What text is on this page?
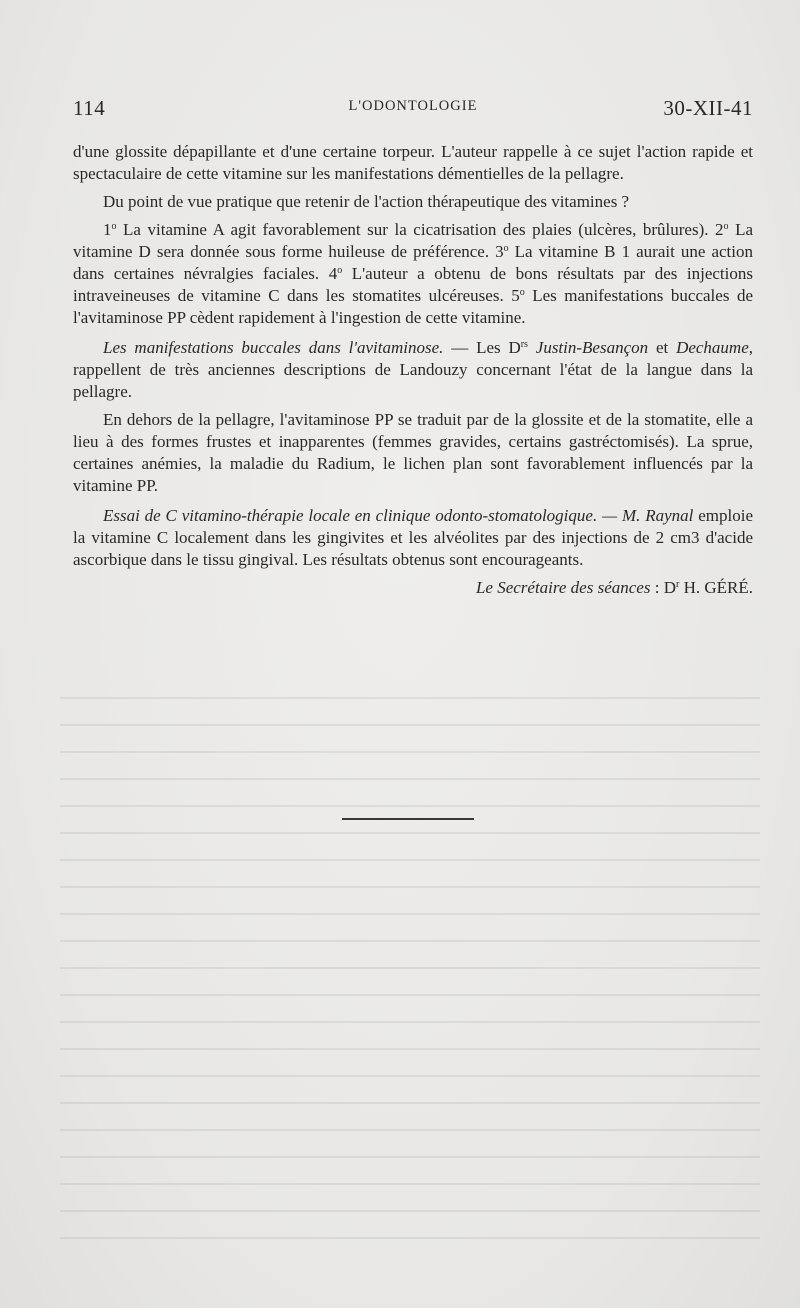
114	L'ODONTOLOGIE	30-XII-41

d'une glossite dépapillante et d'une certaine torpeur. L'auteur rappelle à ce sujet l'action rapide et spectaculaire de cette vitamine sur les manifestations démentielles de la pellagre.

Du point de vue pratique que retenir de l'action thérapeutique des vitamines ?

1$^o$ La vitamine A agit favorablement sur la cicatrisation des plaies (ulcères, brûlures). 2$^o$ La vitamine D sera donnée sous forme huileuse de préférence. 3$^o$ La vitamine B 1 aurait une action dans certaines névralgies faciales. 4$^o$ L'auteur a obtenu de bons résultats par des injections intraveineuses de vitamine C dans les stomatites ulcéreuses. 5$^o$ Les manifestations buccales de l'avitaminose PP cèdent rapidement à l'ingestion de cette vitamine.

Les manifestations buccales dans l'avitaminose. — Les $D^{rs}$ Justin-Besançon et Dechaume, rappellent de très anciennes descriptions de Landouzy concernant l'état de la langue dans la pellagre.

En dehors de la pellagre, l'avitaminose PP se traduit par de la glossite et de la stomatite, elle a lieu à des formes frustes et inapparentes (femmes gravides, certains gastréctomisés). La sprue, certaines anémies, la maladie du Radium, le lichen plan sont favorablement influencés par la vitamine PP.

Essai de C vitamino-thérapie locale en clinique odonto-stomatologique. — M. Raynal emploie la vitamine C localement dans les gingivites et les alvéolites par des injections de 2 cm3 d'acide ascorbique dans le tissu gingival. Les résultats obtenus sont encourageants.

Le Secrétaire des séances : $D^r$ H. GÉRÉ.
